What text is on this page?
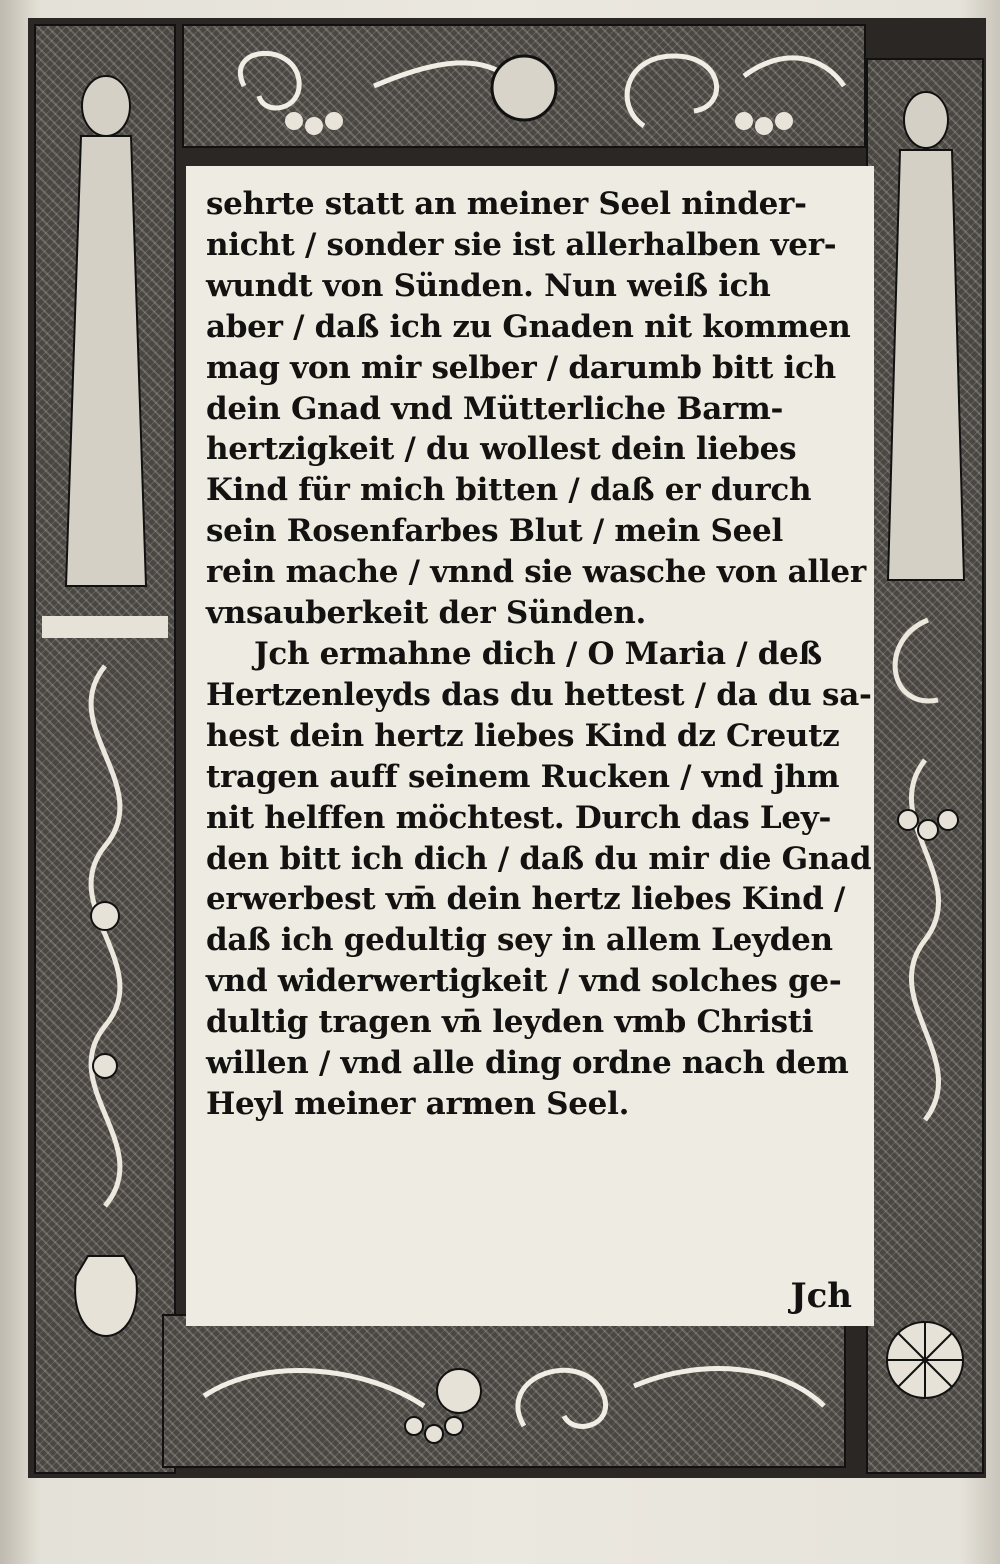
sehrte statt an meiner Seel ninder-
nicht / sonder sie ist allerhalben ver-
wundt von Sünden. Nun weiß ich
aber / daß ich zu Gnaden nit kommen
mag von mir selber / darumb bitt ich
dein Gnad vnd Mütterliche Barm-
hertzigkeit / du wollest dein liebes
Kind für mich bitten / daß er durch
sein Rosenfarbes Blut / mein Seel
rein mache / vnnd sie wasche von aller
vnsauberkeit der Sünden.
Jch ermahne dich / O Maria / deß
Hertzenleyds das du hettest / da du sa-
hest dein hertz liebes Kind dz Creutz
tragen auff seinem Rucken / vnd jhm
nit helffen möchtest. Durch das Ley-
den bitt ich dich / daß du mir die Gnad
erwerbest vm̄ dein hertz liebes Kind /
daß ich gedultig sey in allem Leyden
vnd widerwertigkeit / vnd solches ge-
dultig tragen vn̄ leyden vmb Christi
willen / vnd alle ding ordne nach dem
Heyl meiner armen Seel.
Jch
